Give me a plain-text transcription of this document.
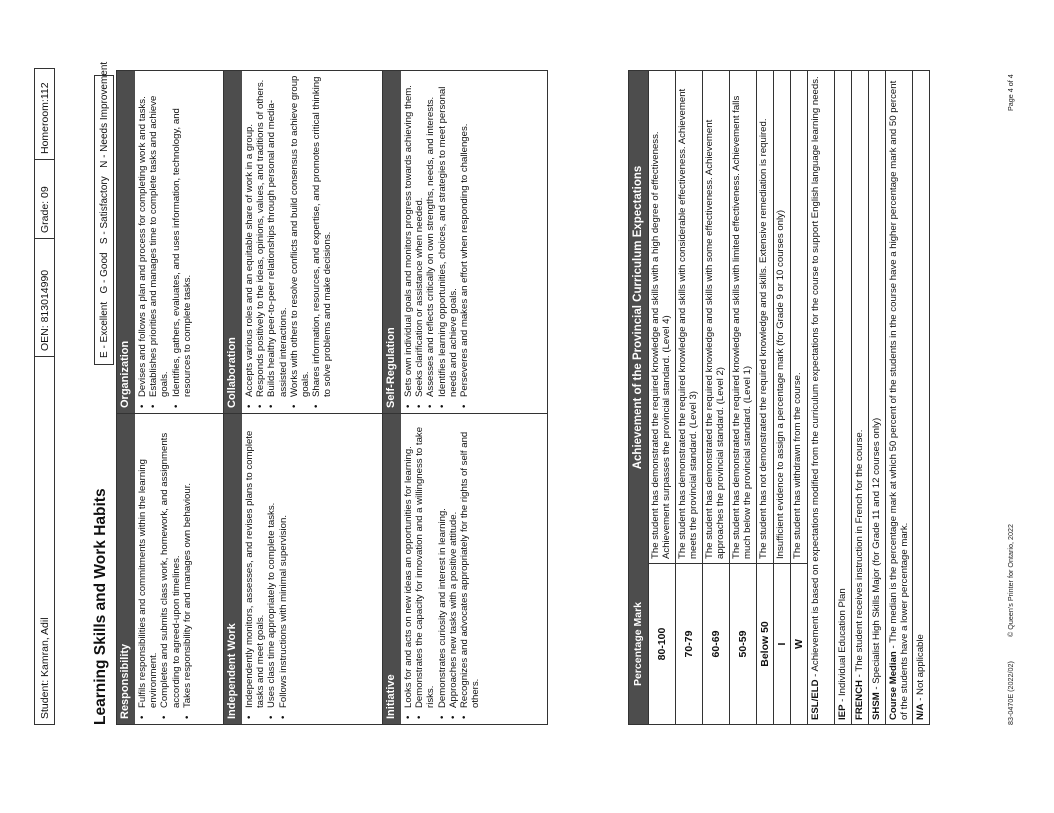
Student: Kamran, Adil
OEN: 813014990
Grade: 09
Homeroom:112
Learning Skills and Work Habits
E - Excellent   G - Good   S - Satisfactory   N - Needs Improvement
Responsibility • Fulfils responsibilities and commitments within the learning environment. • Completes and submits class work, homework, and assignments according to agreed-upon timelines. • Takes responsibility for and manages own behaviour.
Organization • Devises and follows a plan and process for completing work and tasks. • Establishes priorities and manages time to complete tasks and achieve goals. • Identifies, gathers, evaluates, and uses information, technology, and resources to complete tasks.
Independent Work • Independently monitors, assesses, and revises plans to complete tasks and meet goals. • Uses class time appropriately to complete tasks. • Follows instructions with minimal supervision.
Collaboration • Accepts various roles and an equitable share of work in a group. • Responds positively to the ideas, opinions, values, and traditions of others. • Builds healthy peer-to-peer relationships through personal and media-assisted interactions. • Works with others to resolve conflicts and build consensus to achieve group goals. • Shares information, resources, and expertise, and promotes critical thinking to solve problems and make decisions.
Initiative • Looks for and acts on new ideas an opportunities for learning. • Demonstrates the capacity for innovation and a willingness to take risks. • Demonstrates curiosity and interest in learning. • Approaches new tasks with a positive attitude. • Recognizes and advocates appropriately for the rights of self and others.
Self-Regulation • Sets own individual goals and monitors progress towards achieving them. • Seeks clarification or assistance when needed. • Assesses and reflects critically on own strengths, needs, and interests. • Identifies learning opportunities, choices, and strategies to meet personal needs and achieve goals. • Perseveres and makes an effort when responding to challenges.
Percentage Mark
Achievement of the Provincial Curriculum Expectations
80-100
The student has demonstrated the required knowledge and skills with a high degree of effectiveness. Achievement surpasses the provincial standard. (Level 4)
70-79
The student has demonstrated the required knowledge and skills with considerable effectiveness. Achievement meets the provincial standard. (Level 3)
60-69
The student has demonstrated the required knowledge and skills with some effectiveness. Achievement approaches the provincial standard. (Level 2)
50-59
The student has demonstrated the required knowledge and skills with limited effectiveness. Achievement falls much below the provincial standard. (Level 1)
Below 50
The student has not demonstrated the required knowledge and skills. Extensive remediation is required.
I
Insufficient evidence to assign a percentage mark (for Grade 9 or 10 courses only)
W
The student has withdrawn from the course.
ESL/ELD - Achievement is based on expectations modified from the curriculum expectations for the course to support English language learning needs.
IEP - Individual Education Plan FRENCH - The student receives instruction in French for the course.
SHSM - Specialist High Skills Major (for Grade 11 and 12 courses only) Course Median - The median is the percentage mark at which 50 percent of the students in the course have a higher percentage mark and 50 percent of the students have a lower percentage mark. N/A - Not applicable	83-0470E (2022/02)
© Queen's Printer for Ontario, 2022
Page 4 of 4
